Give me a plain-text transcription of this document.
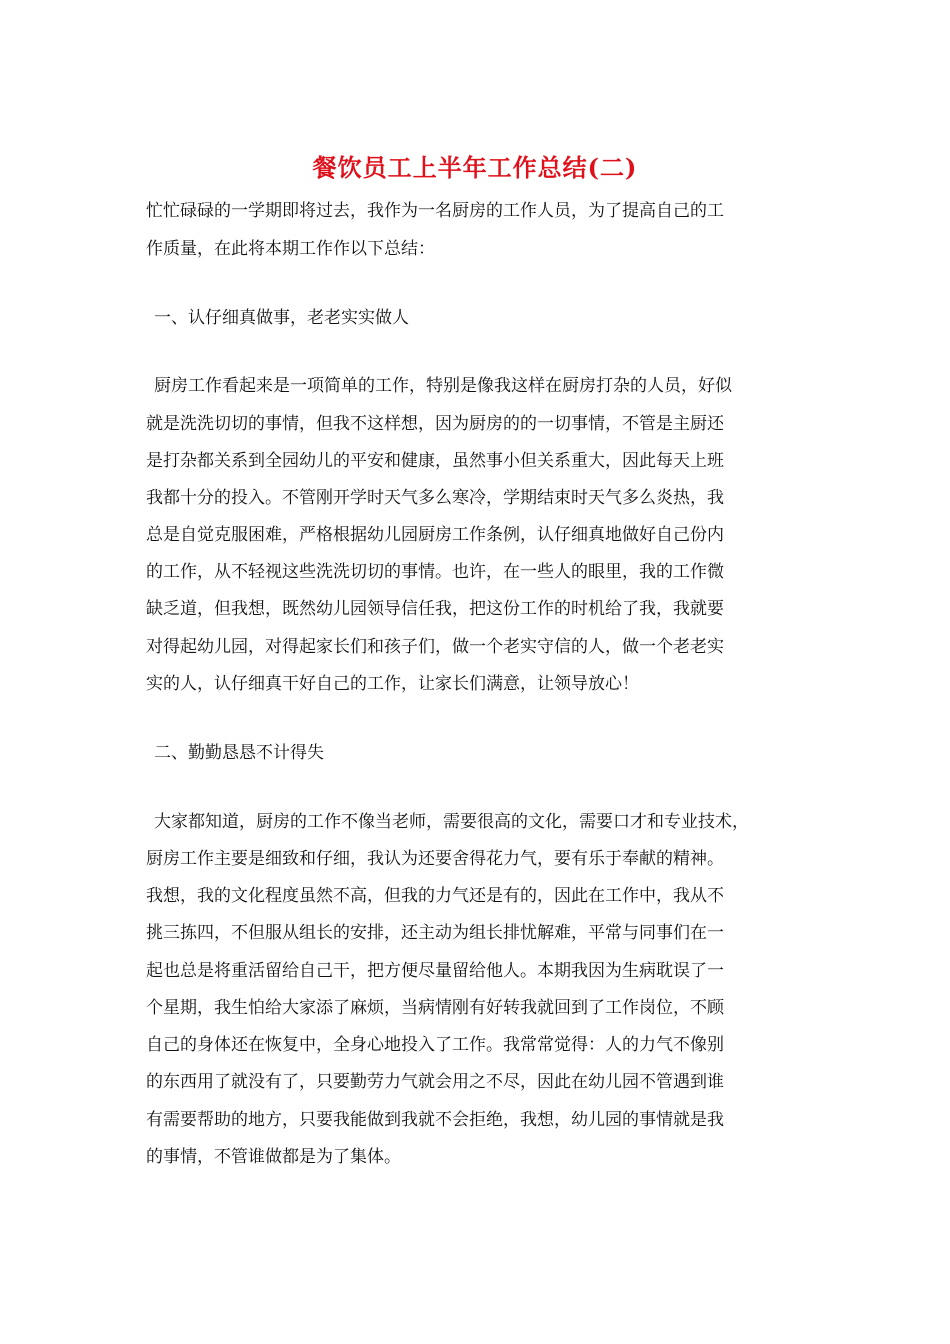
餐饮员工上半年工作总结(二)
忙忙碌碌的一学期即将过去，我作为一名厨房的工作人员，为了提高自己的工
作质量，在此将本期工作作以下总结：
一、认仔细真做事，老老实实做人
厨房工作看起来是一项简单的工作，特别是像我这样在厨房打杂的人员，好似
就是洗洗切切的事情，但我不这样想，因为厨房的的一切事情，不管是主厨还
是打杂都关系到全园幼儿的平安和健康，虽然事小但关系重大，因此每天上班
我都十分的投入。不管刚开学时天气多么寒冷，学期结束时天气多么炎热，我
总是自觉克服困难，严格根据幼儿园厨房工作条例，认仔细真地做好自己份内
的工作，从不轻视这些洗洗切切的事情。也许，在一些人的眼里，我的工作微
缺乏道，但我想，既然幼儿园领导信任我，把这份工作的时机给了我，我就要
对得起幼儿园，对得起家长们和孩子们，做一个老实守信的人，做一个老老实
实的人，认仔细真干好自己的工作，让家长们满意，让领导放心！
二、勤勤恳恳不计得失
大家都知道，厨房的工作不像当老师，需要很高的文化，需要口才和专业技术，
厨房工作主要是细致和仔细，我认为还要舍得花力气，要有乐于奉献的精神。
我想，我的文化程度虽然不高，但我的力气还是有的，因此在工作中，我从不
挑三拣四，不但服从组长的安排，还主动为组长排忧解难，平常与同事们在一
起也总是将重活留给自己干，把方便尽量留给他人。本期我因为生病耽误了一
个星期，我生怕给大家添了麻烦，当病情刚有好转我就回到了工作岗位，不顾
自己的身体还在恢复中，全身心地投入了工作。我常常觉得：人的力气不像别
的东西用了就没有了，只要勤劳力气就会用之不尽，因此在幼儿园不管遇到谁
有需要帮助的地方，只要我能做到我就不会拒绝，我想，幼儿园的事情就是我
的事情，不管谁做都是为了集体。
